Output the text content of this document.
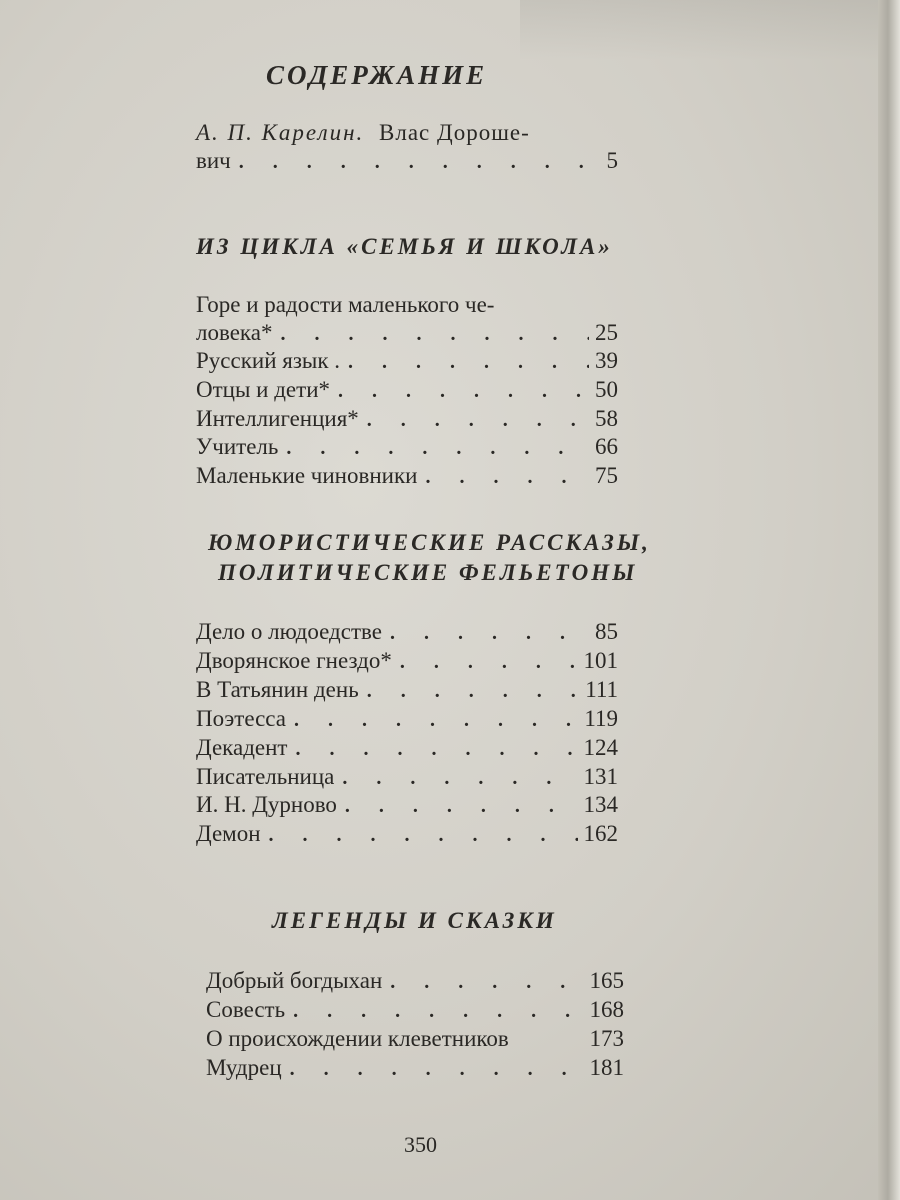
СОДЕРЖАНИЕ
А. П. Карелин. Влас Дороше-
вич . . .	5
ИЗ ЦИКЛА «СЕМЬЯ И ШКОЛА»
Горе и радости маленького че-
ловека* . . .	25
Русский язык . . . .	39
Отцы и дети* . . .	50
Интеллигенция* . . .	58
Учитель . . .	66
Маленькие чиновники . . .	75
ЮМОРИСТИЧЕСКИЕ РАССКАЗЫ,
ПОЛИТИЧЕСКИЕ ФЕЛЬЕТОНЫ
Дело о людоедстве . . .	85
Дворянское гнездо* . . .	101
В Татьянин день . . .	111
Поэтесса . . .	119
Декадент . . .	124
Писательница . . .	131
И. Н. Дурново . . .	134
Демон . . .	162
ЛЕГЕНДЫ И СКАЗКИ
Добрый богдыхан . . .	165
Совесть . . .	168
О происхождении клеветников	173
Мудрец . . .	181
350
